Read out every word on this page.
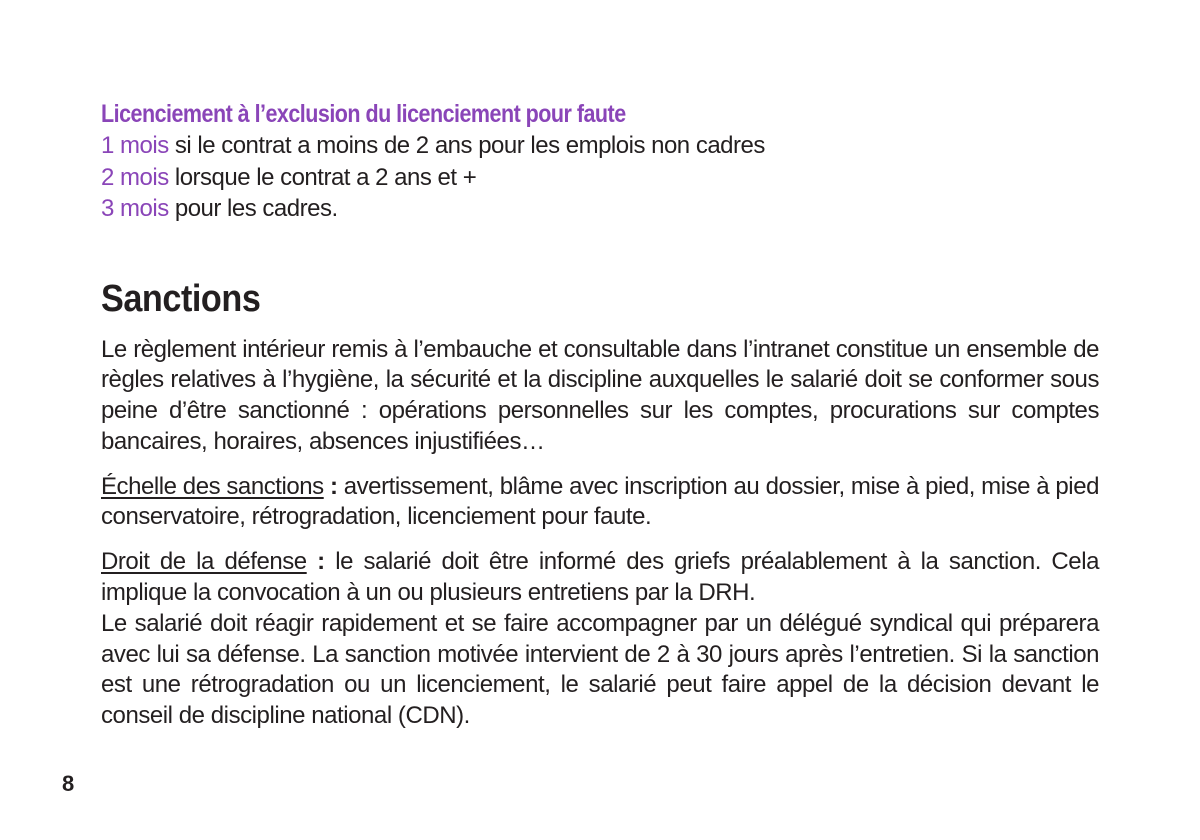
Licenciement à l’exclusion du licenciement pour faute
1 mois si le contrat a moins de 2 ans pour les emplois non cadres
2 mois lorsque le contrat a 2 ans et +
3 mois pour les cadres.
Sanctions

Le règlement intérieur remis à l’embauche et consultable dans l’intranet constitue un ensemble de règles relatives à l’hygiène, la sécurité et la discipline auxquelles le salarié doit se conformer sous peine d’être sanctionné : opérations personnelles sur les comptes, procurations sur comptes bancaires, horaires, absences injustifiées…

Échelle des sanctions : avertissement, blâme avec inscription au dossier, mise à pied, mise à pied conservatoire, rétrogradation, licenciement pour faute.

Droit de la défense : le salarié doit être informé des griefs préalablement à la sanction. Cela implique la convocation à un ou plusieurs entretiens par la DRH.

Le salarié doit réagir rapidement et se faire accompagner par un délégué syndical qui préparera avec lui sa défense. La sanction motivée intervient de 2 à 30 jours après l’entretien. Si la sanction est une rétrogradation ou un licenciement, le salarié peut faire appel de la décision devant le conseil de discipline national (CDN).

8
